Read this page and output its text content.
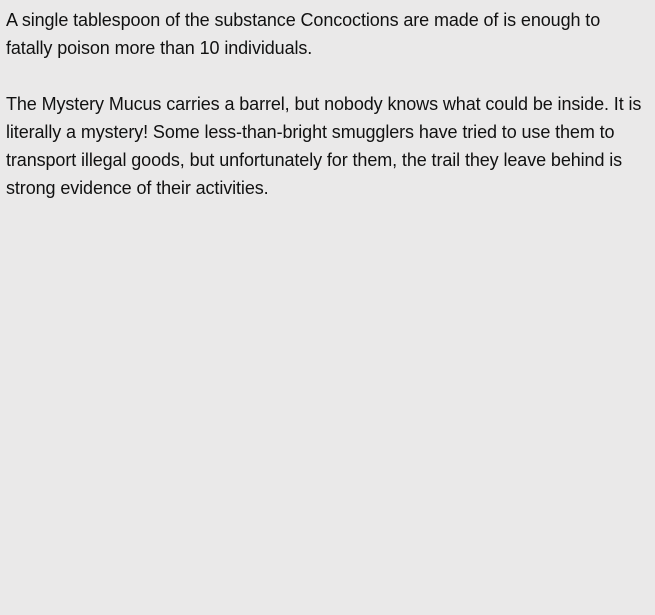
A single tablespoon of the substance Concoctions are made of is enough to fatally poison more than 10 individuals.

The Mystery Mucus carries a barrel, but nobody knows what could be inside. It is literally a mystery! Some less-than-bright smugglers have tried to use them to transport illegal goods, but unfortunately for them, the trail they leave behind is strong evidence of their activities.
